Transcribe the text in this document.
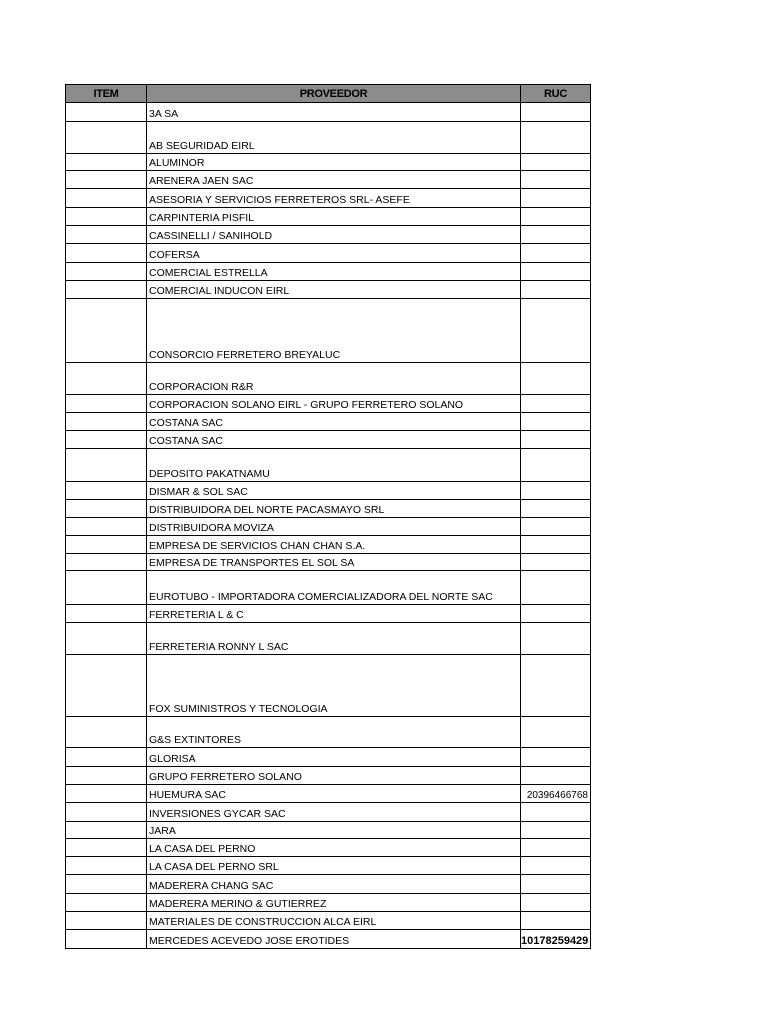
ITEM	PROVEEDOR	RUC
	3A SA	
	AB SEGURIDAD EIRL	
	ALUMINOR	
	ARENERA JAEN SAC	
	ASESORIA Y SERVICIOS FERRETEROS SRL- ASEFE	
	CARPINTERIA PISFIL	
	CASSINELLI / SANIHOLD	
	COFERSA	
	COMERCIAL ESTRELLA	
	COMERCIAL INDUCON EIRL	
	CONSORCIO FERRETERO BREYALUC	
	CORPORACION R&R	
	CORPORACION SOLANO EIRL - GRUPO FERRETERO SOLANO	
	COSTANA SAC	
	COSTANA SAC	
	DEPOSITO PAKATNAMU	
	DISMAR & SOL SAC	
	DISTRIBUIDORA DEL NORTE PACASMAYO SRL	
	DISTRIBUIDORA MOVIZA	
	EMPRESA DE SERVICIOS CHAN CHAN S.A.	
	EMPRESA DE TRANSPORTES EL SOL SA	
	EUROTUBO - IMPORTADORA COMERCIALIZADORA DEL NORTE SAC	
	FERRETERIA L & C	
	FERRETERIA RONNY L SAC	
	FOX SUMINISTROS Y TECNOLOGIA	
	G&S EXTINTORES	
	GLORISA	
	GRUPO FERRETERO SOLANO	
	HUEMURA SAC	20396466768
	INVERSIONES GYCAR SAC	
	JARA	
	LA CASA DEL PERNO	
	LA CASA DEL PERNO SRL	
	MADERERA CHANG SAC	
	MADERERA MERINO & GUTIERREZ	
	MATERIALES DE CONSTRUCCION ALCA EIRL	
	MERCEDES ACEVEDO JOSE EROTIDES	10178259429
